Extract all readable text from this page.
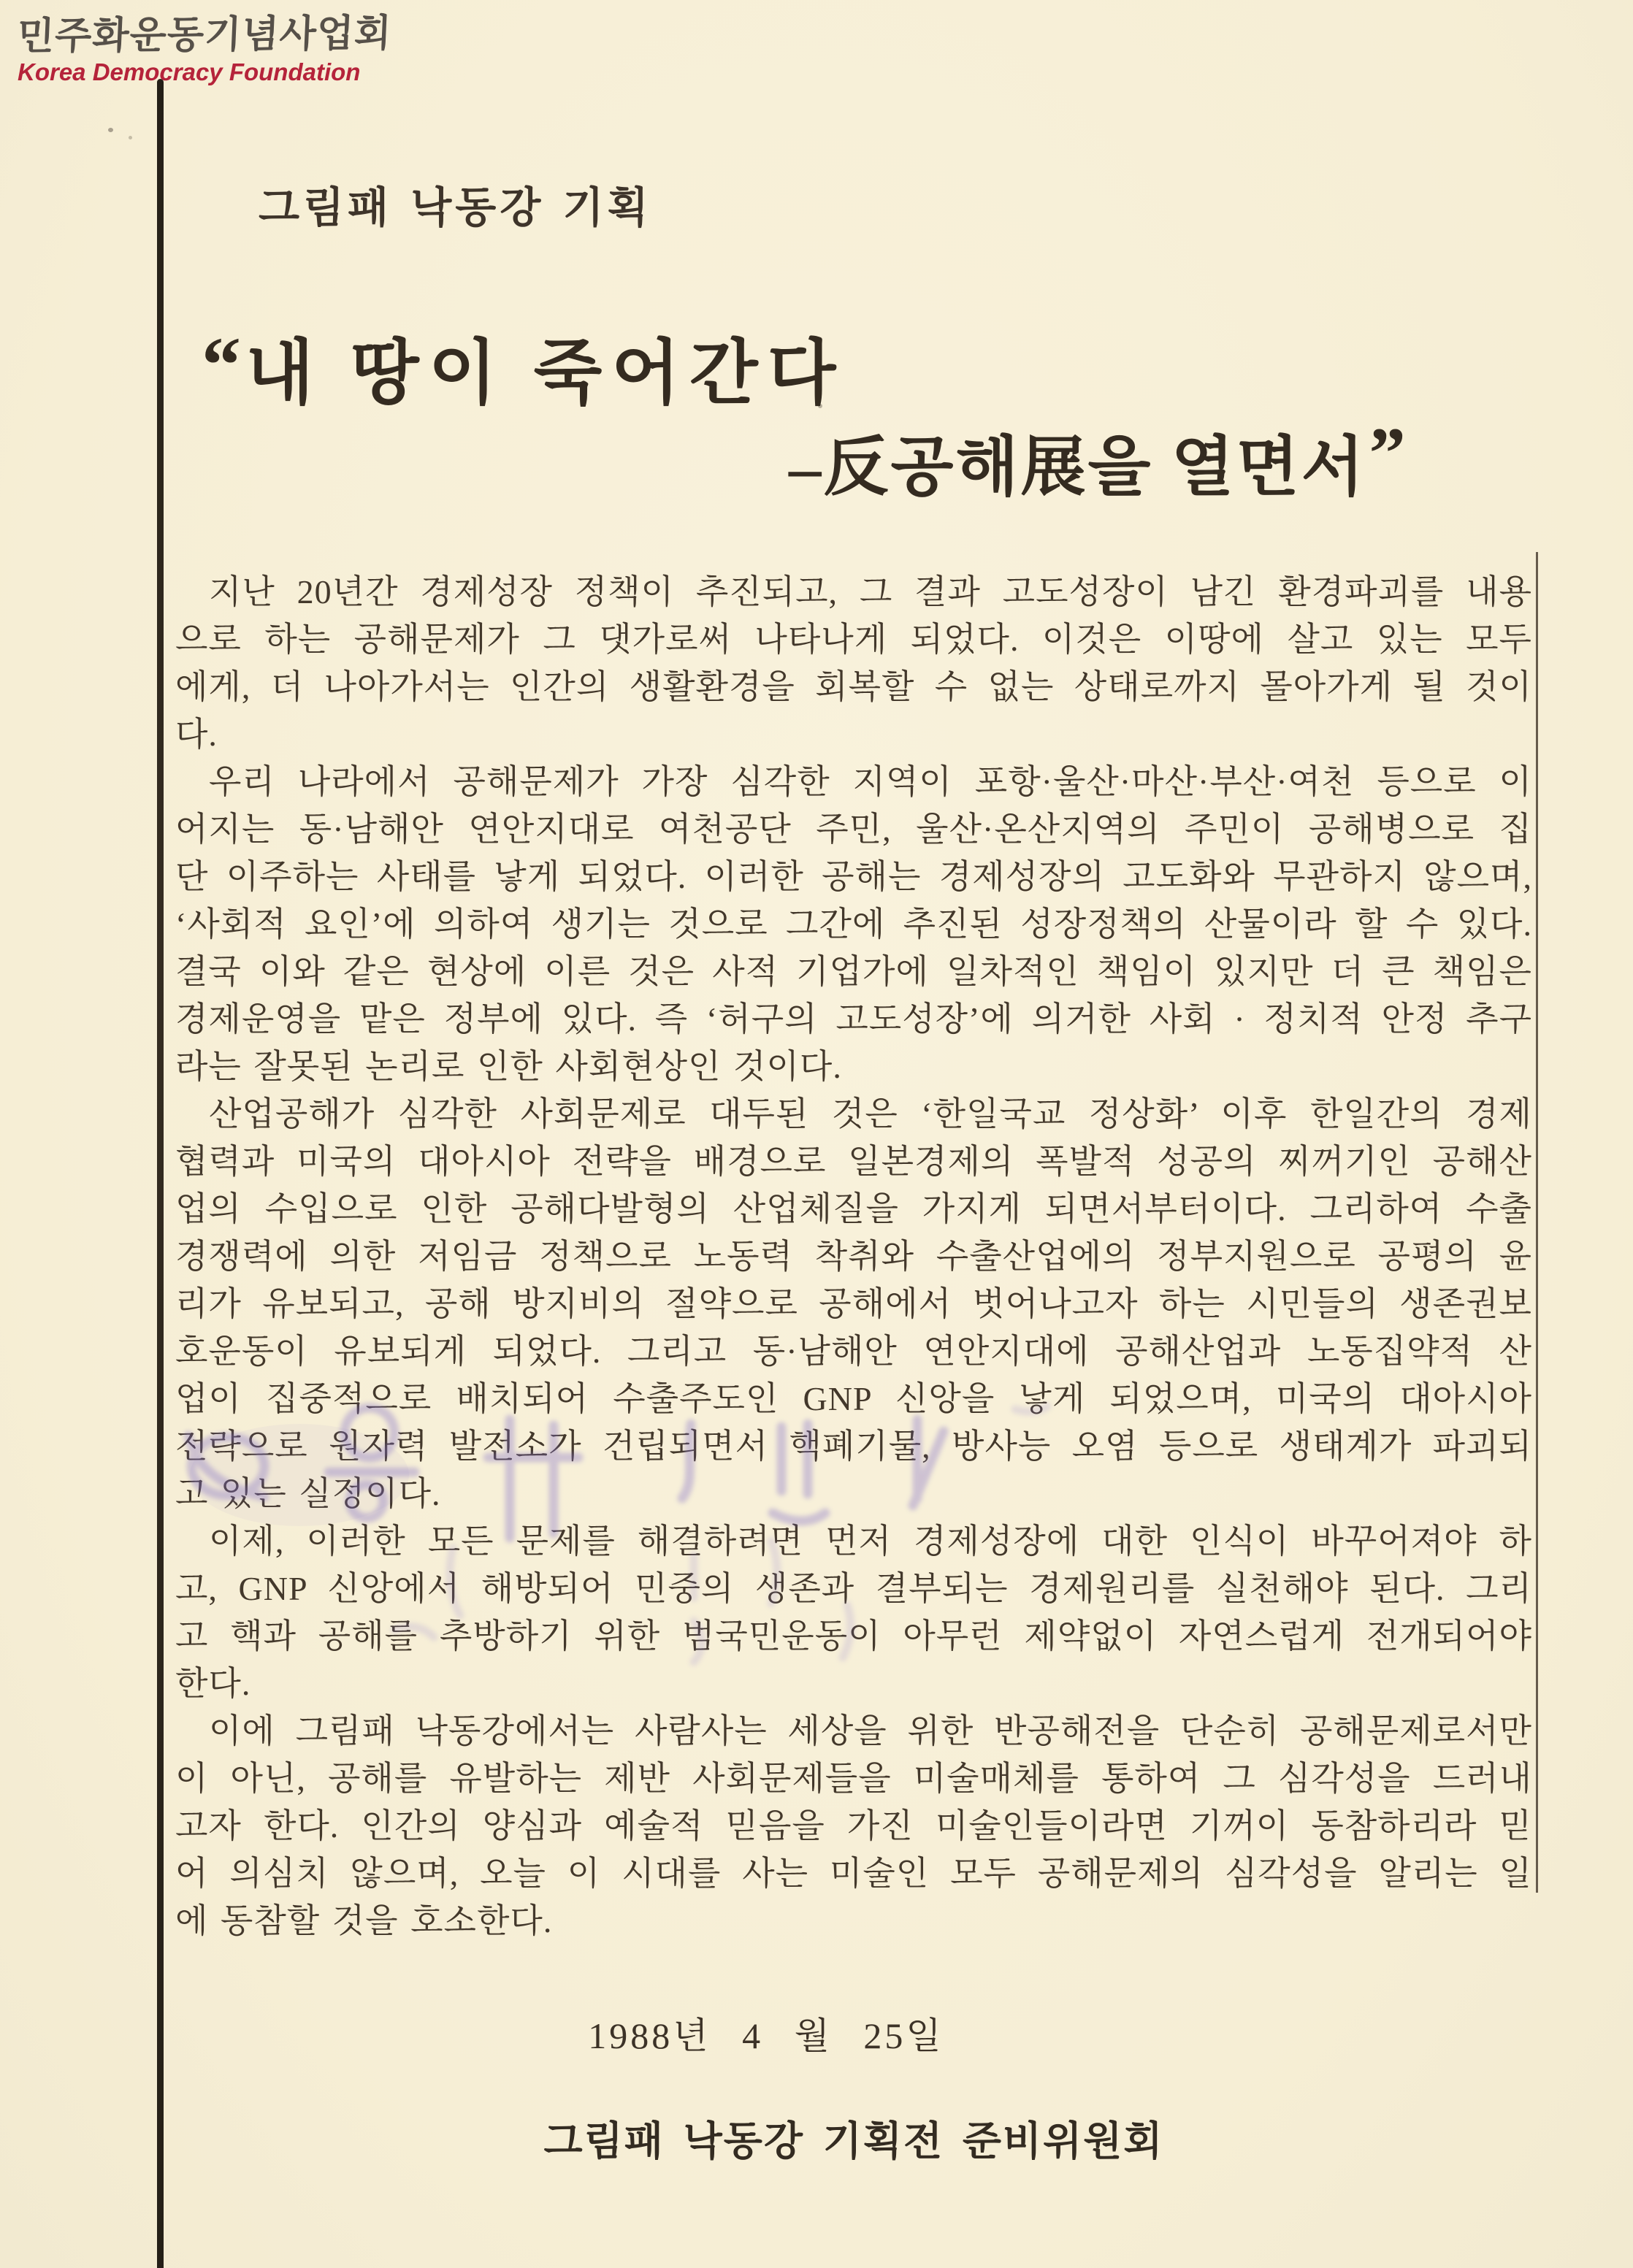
민주화운동기념사업회
Korea Democracy Foundation
그림패 낙동강 기획
“내 땅이 죽어간다
–反공해展을 열면서”
지난 20년간 경제성장 정책이 추진되고, 그 결과 고도성장이 남긴 환경파괴를 내용
으로 하는 공해문제가 그 댓가로써 나타나게 되었다. 이것은 이땅에 살고 있는 모두
에게, 더 나아가서는 인간의 생활환경을 회복할 수 없는 상태로까지 몰아가게 될 것이
다.
우리 나라에서 공해문제가 가장 심각한 지역이 포항·울산·마산·부산·여천 등으로 이
어지는 동·남해안 연안지대로 여천공단 주민, 울산·온산지역의 주민이 공해병으로 집
단 이주하는 사태를 낳게 되었다. 이러한 공해는 경제성장의 고도화와 무관하지 않으며,
‘사회적 요인’에 의하여 생기는 것으로 그간에 추진된 성장정책의 산물이라 할 수 있다.
결국 이와 같은 현상에 이른 것은 사적 기업가에 일차적인 책임이 있지만 더 큰 책임은
경제운영을 맡은 정부에 있다. 즉 ‘허구의 고도성장’에 의거한 사회 · 정치적 안정 추구
라는 잘못된 논리로 인한 사회현상인 것이다.
산업공해가 심각한 사회문제로 대두된 것은 ‘한일국교 정상화’ 이후 한일간의 경제
협력과 미국의 대아시아 전략을 배경으로 일본경제의 폭발적 성공의 찌꺼기인 공해산
업의 수입으로 인한 공해다발형의 산업체질을 가지게 되면서부터이다. 그리하여 수출
경쟁력에 의한 저임금 정책으로 노동력 착취와 수출산업에의 정부지원으로 공평의 윤
리가 유보되고, 공해 방지비의 절약으로 공해에서 벗어나고자 하는 시민들의 생존권보
호운동이 유보되게 되었다. 그리고 동·남해안 연안지대에 공해산업과 노동집약적 산
업이 집중적으로 배치되어 수출주도인 GNP 신앙을 낳게 되었으며, 미국의 대아시아
전략으로 원자력 발전소가 건립되면서 핵폐기물, 방사능 오염 등으로 생태계가 파괴되
고 있는 실정이다.
이제, 이러한 모든 문제를 해결하려면 먼저 경제성장에 대한 인식이 바꾸어져야 하
고, GNP 신앙에서 해방되어 민중의 생존과 결부되는 경제원리를 실천해야 된다. 그리
고 핵과 공해를 추방하기 위한 범국민운동이 아무런 제약없이 자연스럽게 전개되어야
한다.
이에 그림패 낙동강에서는 사람사는 세상을 위한 반공해전을 단순히 공해문제로서만
이 아닌, 공해를 유발하는 제반 사회문제들을 미술매체를 통하여 그 심각성을 드러내
고자 한다. 인간의 양심과 예술적 믿음을 가진 미술인들이라면 기꺼이 동참하리라 믿
어 의심치 않으며, 오늘 이 시대를 사는 미술인 모두 공해문제의 심각성을 알리는 일
에 동참할 것을 호소한다.
1988년 4 월 25일
그림패 낙동강 기획전 준비위원회
